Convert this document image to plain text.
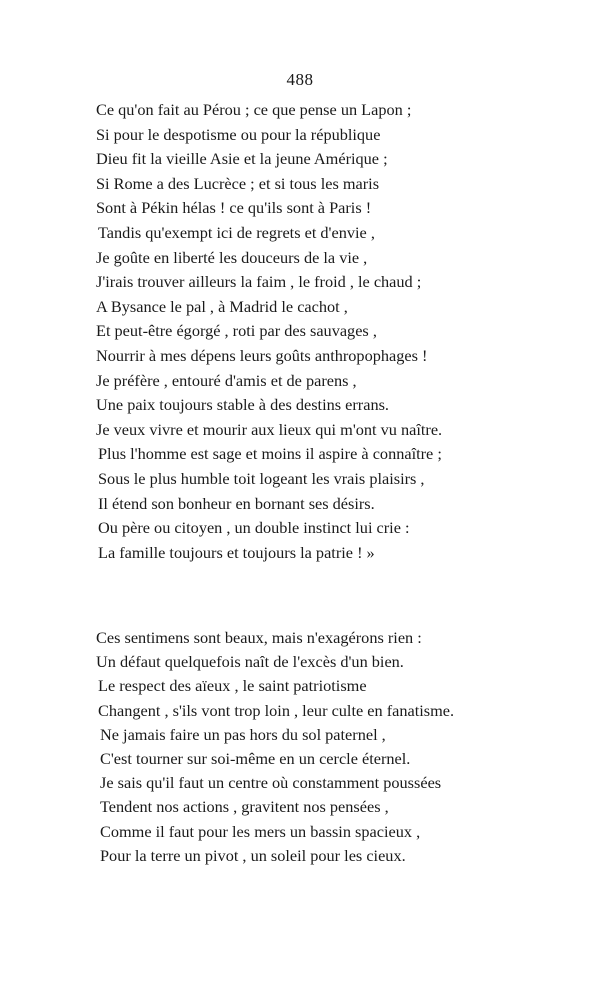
488
Ce qu'on fait au Pérou ; ce que pense un Lapon ;
Si pour le despotisme ou pour la république
Dieu fit la vieille Asie et la jeune Amérique ;
Si Rome a des Lucrèce ; et si tous les maris
Sont à Pékin hélas ! ce qu'ils sont à Paris !
Tandis qu'exempt ici de regrets et d'envie ,
Je goûte en liberté les douceurs de la vie ,
J'irais trouver ailleurs la faim , le froid , le chaud ;
A Bysance le pal , à Madrid le cachot ,
Et peut-être égorgé , roti par des sauvages ,
Nourrir à mes dépens leurs goûts anthropophages !
Je préfère , entouré d'amis et de parens ,
Une paix toujours stable à des destins errans.
Je veux vivre et mourir aux lieux qui m'ont vu naître.
Plus l'homme est sage et moins il aspire à connaître ;
Sous le plus humble toit logeant les vrais plaisirs ,
Il étend son bonheur en bornant ses désirs.
Ou père ou citoyen , un double instinct lui crie :
La famille toujours et toujours la patrie ! »
Ces sentimens sont beaux, mais n'exagérons rien :
Un défaut quelquefois naît de l'excès d'un bien.
Le respect des aïeux , le saint patriotisme
Changent , s'ils vont trop loin , leur culte en fanatisme.
Ne jamais faire un pas hors du sol paternel ,
C'est tourner sur soi-même en un cercle éternel.
Je sais qu'il faut un centre où constamment poussées
Tendent nos actions , gravitent nos pensées ,
Comme il faut pour les mers un bassin spacieux ,
Pour la terre un pivot , un soleil pour les cieux.
